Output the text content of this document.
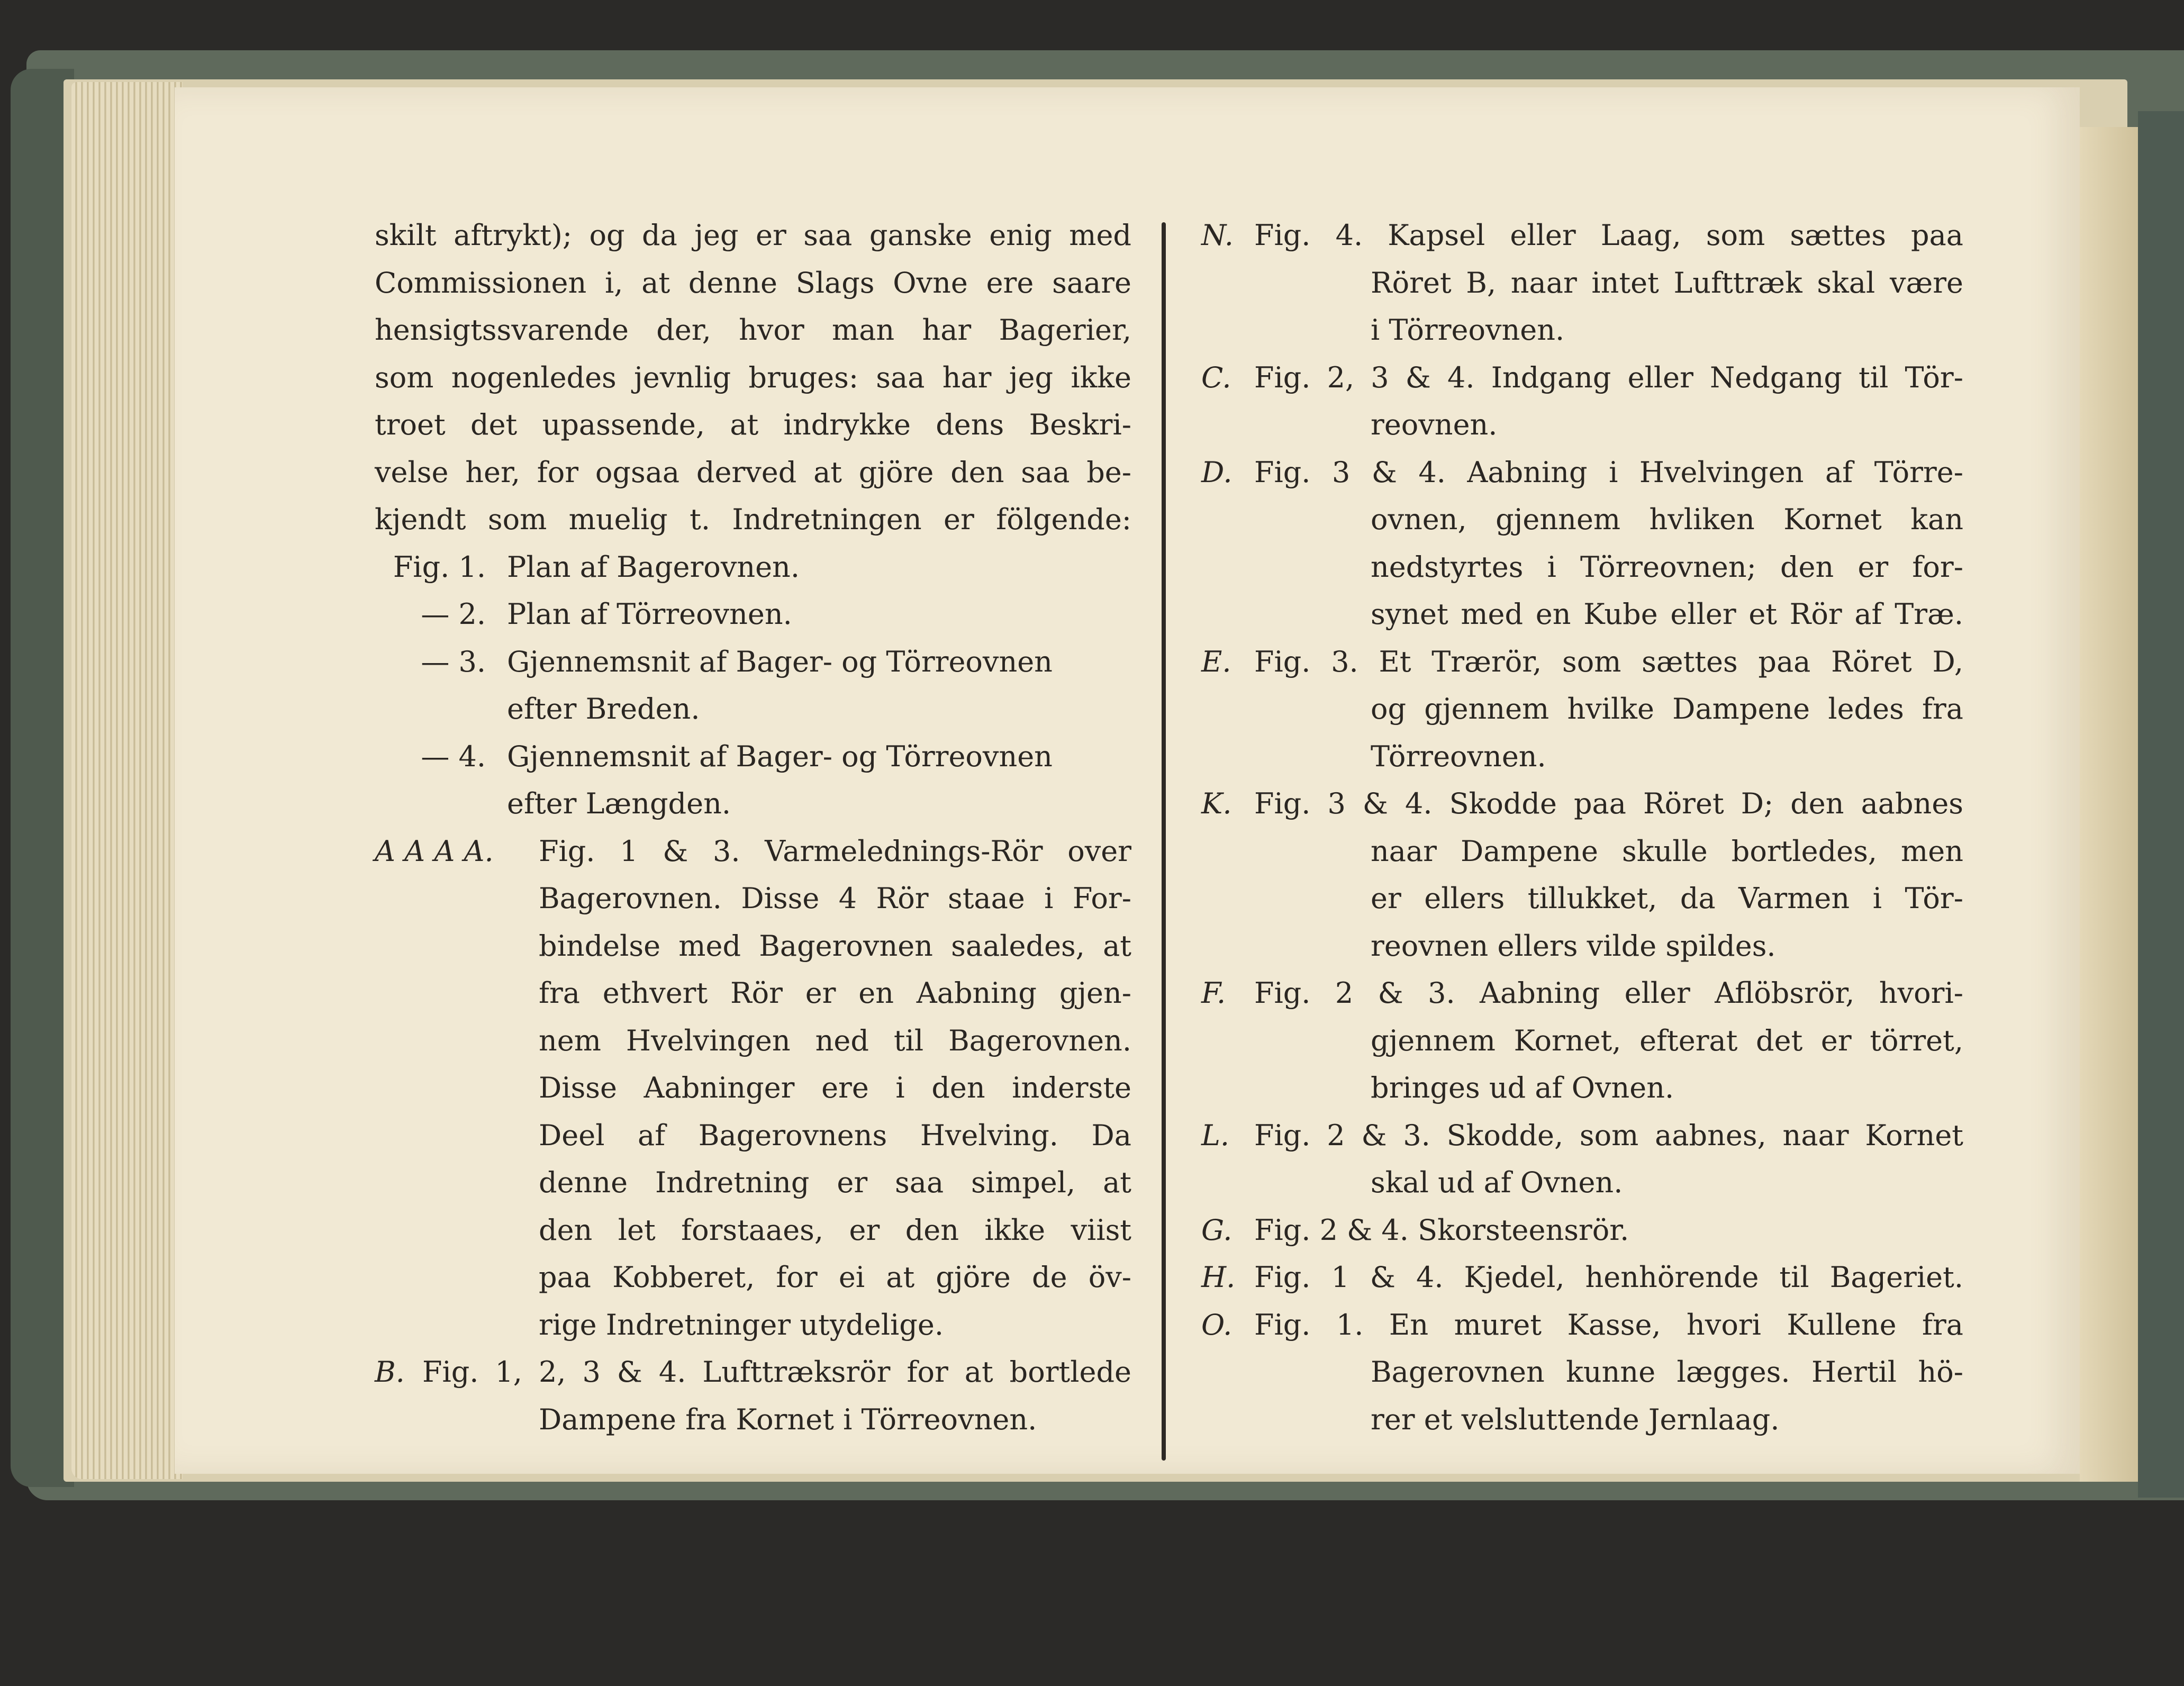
skilt aftrykt); og da jeg er saa ganske enig med
Commissionen i, at denne Slags Ovne ere saare
hensigtssvarende der, hvor man har Bagerier,
som nogenledes jevnlig bruges: saa har jeg ikke
troet det upassende, at indrykke dens Beskri-
velse her, for ogsaa derved at gjöre den saa be-
kjendt som muelig t. Indretningen er fölgende:
Fig. 1. Plan af Bagerovnen.
— 2. Plan af Törreovnen.
— 3. Gjennemsnit af Bager- og Törreovnen
efter Breden.
— 4. Gjennemsnit af Bager- og Törreovnen
efter Længden.
A A A A.	Fig. 1 & 3. Varmelednings-Rör over
Bagerovnen. Disse 4 Rör staae i For-
bindelse med Bagerovnen saaledes, at
fra ethvert Rör er en Aabning gjen-
nem Hvelvingen ned til Bagerovnen.
Disse Aabninger ere i den inderste
Deel af Bagerovnens Hvelving. Da
denne Indretning er saa simpel, at
den let forstaaes, er den ikke viist
paa Kobberet, for ei at gjöre de öv-
rige Indretninger utydelige.
B. Fig. 1, 2, 3 & 4. Lufttræksrör for at bortlede
Dampene fra Kornet i Törreovnen.
N. Fig. 4. Kapsel eller Laag, som sættes paa
Röret B, naar intet Lufttræk skal være
i Törreovnen.
C. Fig. 2, 3 & 4. Indgang eller Nedgang til Tör-
reovnen.
D. Fig. 3 & 4. Aabning i Hvelvingen af Törre-
ovnen, gjennem hvliken Kornet kan
nedstyrtes i Törreovnen; den er for-
synet med en Kube eller et Rör af Træ.
E. Fig. 3. Et Trærör, som sættes paa Röret D,
og gjennem hvilke Dampene ledes fra
Törreovnen.
K. Fig. 3 & 4. Skodde paa Röret D; den aabnes
naar Dampene skulle bortledes, men
er ellers tillukket, da Varmen i Tör-
reovnen ellers vilde spildes.
F. Fig. 2 & 3. Aabning eller Aflöbsrör, hvori-
gjennem Kornet, efterat det er törret,
bringes ud af Ovnen.
L. Fig. 2 & 3. Skodde, som aabnes, naar Kornet
skal ud af Ovnen.
G. Fig. 2 & 4. Skorsteensrör.
H. Fig. 1 & 4. Kjedel, henhörende til Bageriet.
O. Fig. 1. En muret Kasse, hvori Kullene fra
Bagerovnen kunne lægges. Hertil hö-
rer et velsluttende Jernlaag.
